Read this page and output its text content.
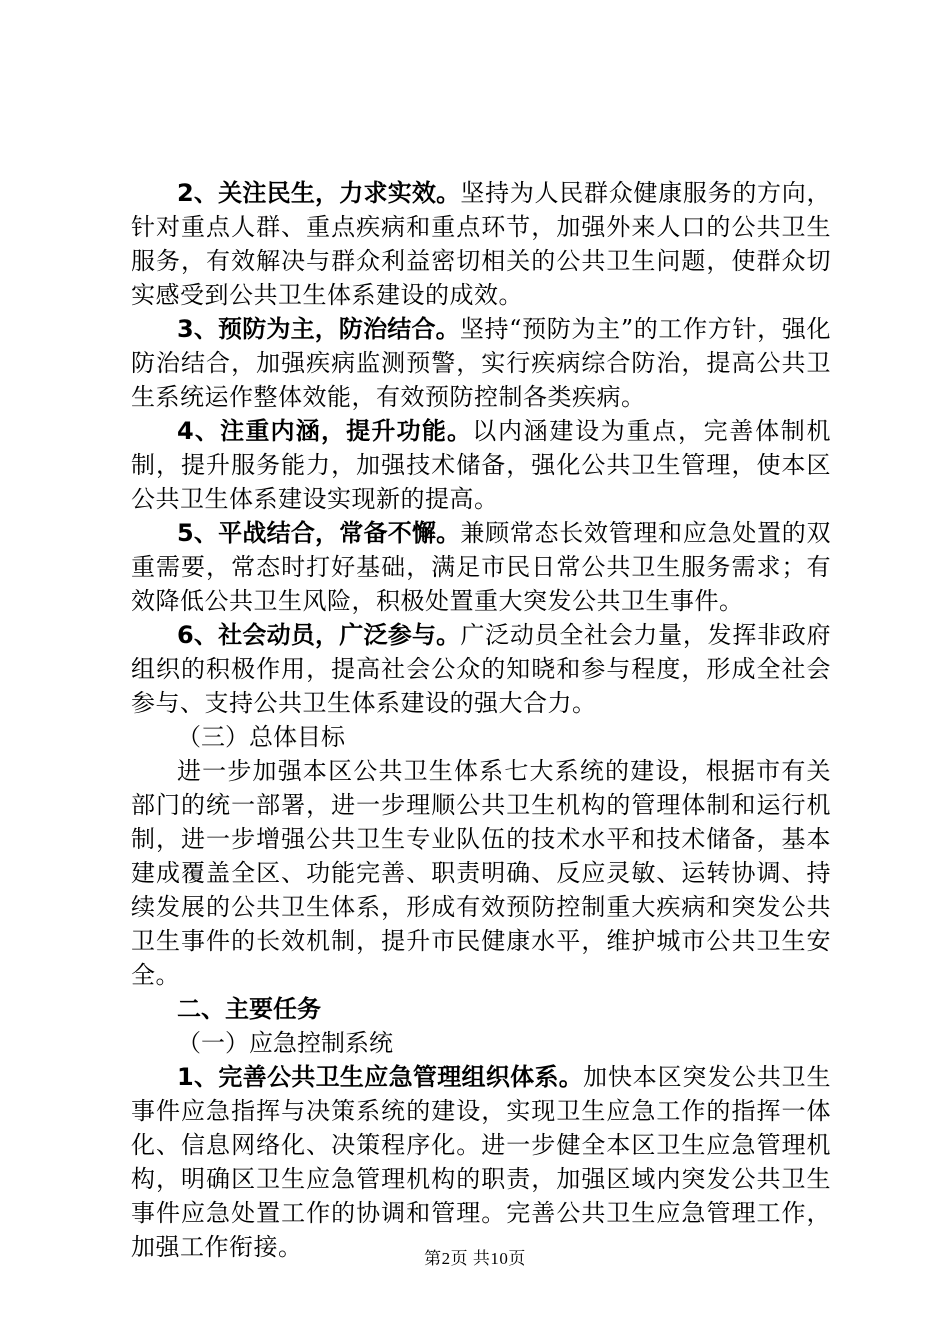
2、关注民生，力求实效。坚持为人民群众健康服务的方向，针对重点人群、重点疾病和重点环节，加强外来人口的公共卫生服务，有效解决与群众利益密切相关的公共卫生问题，使群众切实感受到公共卫生体系建设的成效。

3、预防为主，防治结合。坚持“预防为主”的工作方针，强化防治结合，加强疾病监测预警，实行疾病综合防治，提高公共卫生系统运作整体效能，有效预防控制各类疾病。

4、注重内涵，提升功能。以内涵建设为重点，完善体制机制，提升服务能力，加强技术储备，强化公共卫生管理，使本区公共卫生体系建设实现新的提高。

5、平战结合，常备不懈。兼顾常态长效管理和应急处置的双重需要，常态时打好基础，满足市民日常公共卫生服务需求；有效降低公共卫生风险，积极处置重大突发公共卫生事件。

6、社会动员，广泛参与。广泛动员全社会力量，发挥非政府组织的积极作用，提高社会公众的知晓和参与程度，形成全社会参与、支持公共卫生体系建设的强大合力。

（三）总体目标

进一步加强本区公共卫生体系七大系统的建设，根据市有关部门的统一部署，进一步理顺公共卫生机构的管理体制和运行机制，进一步增强公共卫生专业队伍的技术水平和技术储备，基本建成覆盖全区、功能完善、职责明确、反应灵敏、运转协调、持续发展的公共卫生体系，形成有效预防控制重大疾病和突发公共卫生事件的长效机制，提升市民健康水平，维护城市公共卫生安全。

二、主要任务

（一）应急控制系统

1、完善公共卫生应急管理组织体系。加快本区突发公共卫生事件应急指挥与决策系统的建设，实现卫生应急工作的指挥一体化、信息网络化、决策程序化。进一步健全本区卫生应急管理机构，明确区卫生应急管理机构的职责，加强区域内突发公共卫生事件应急处置工作的协调和管理。完善公共卫生应急管理工作，加强工作衔接。	第2页 共10页
